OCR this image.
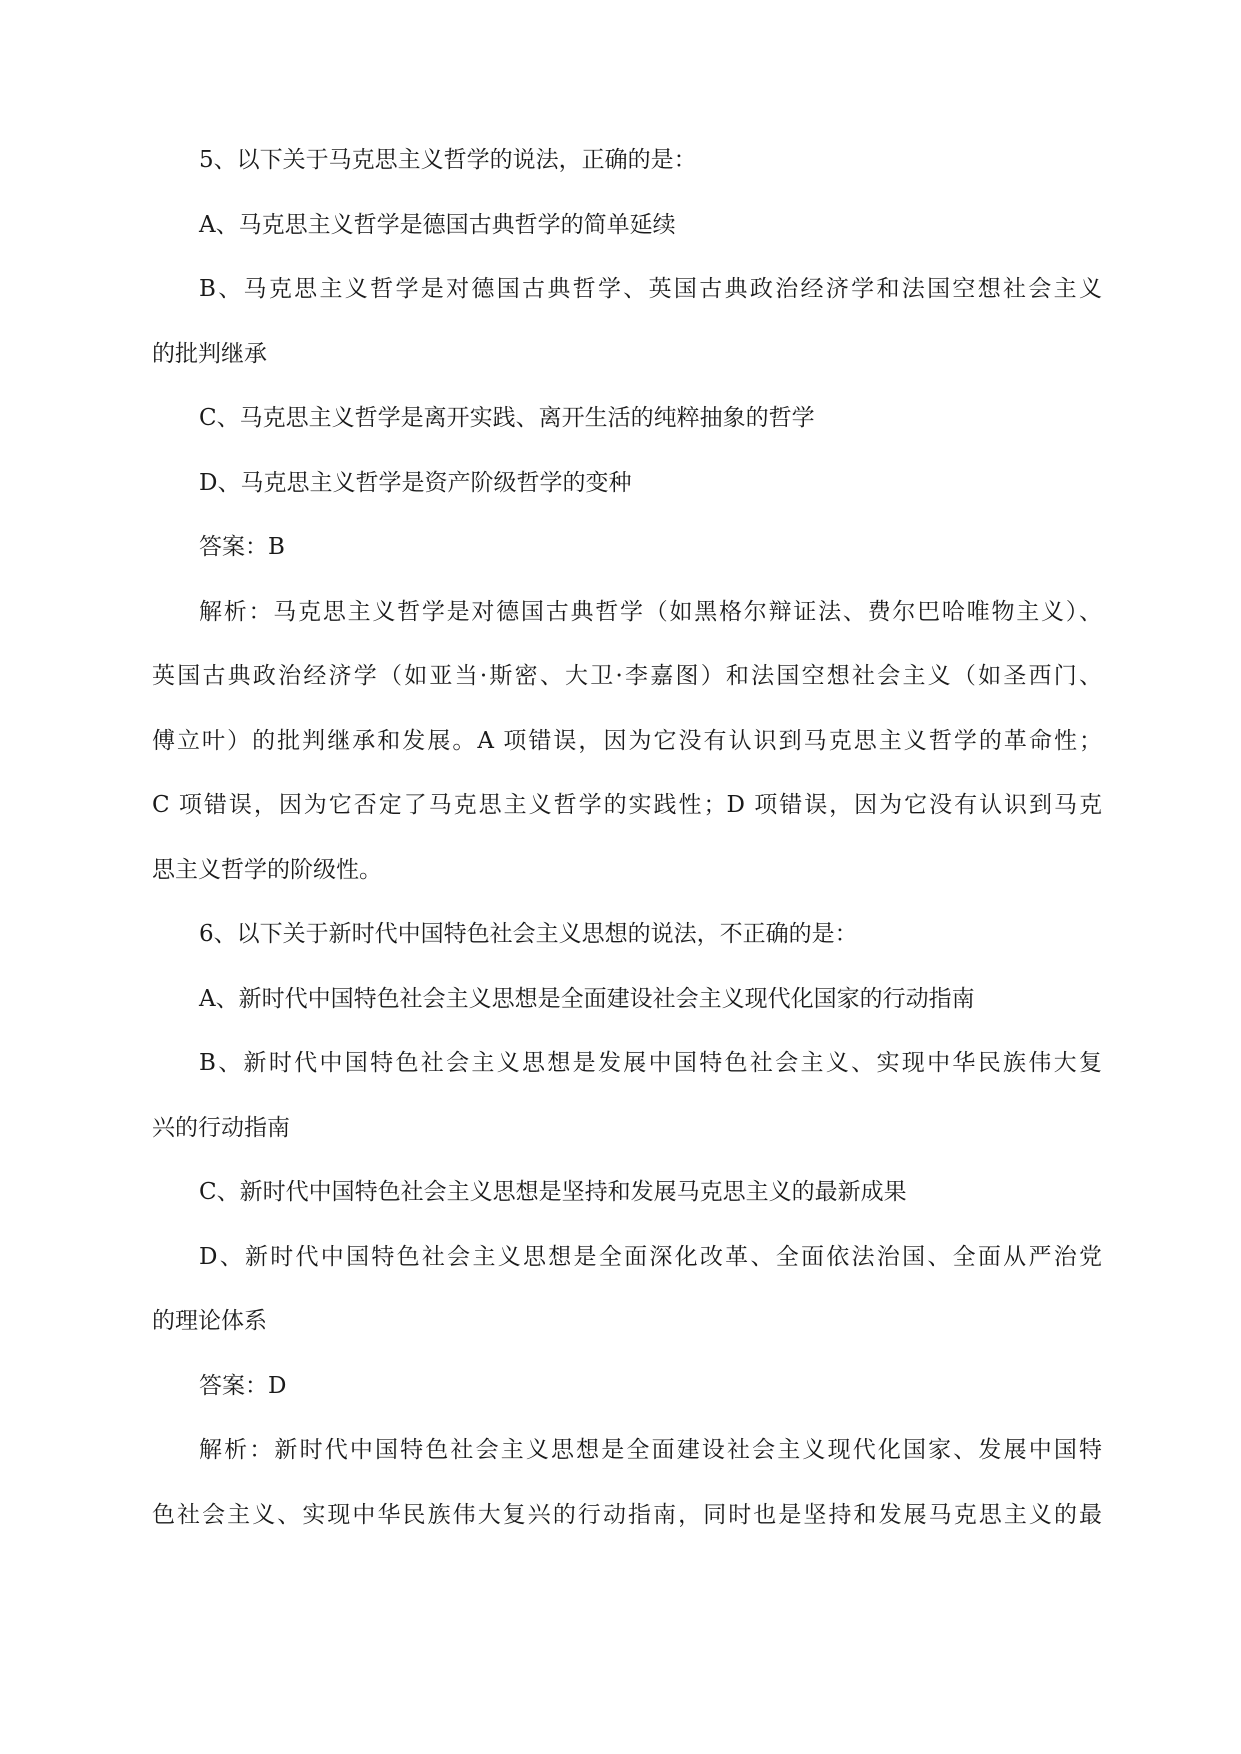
5、以下关于马克思主义哲学的说法，正确的是：
A、马克思主义哲学是德国古典哲学的简单延续
B、马克思主义哲学是对德国古典哲学、英国古典政治经济学和法国空想社会主义
的批判继承
C、马克思主义哲学是离开实践、离开生活的纯粹抽象的哲学
D、马克思主义哲学是资产阶级哲学的变种
答案：B
解析：马克思主义哲学是对德国古典哲学（如黑格尔辩证法、费尔巴哈唯物主义）、
英国古典政治经济学（如亚当·斯密、大卫·李嘉图）和法国空想社会主义（如圣西门、
傅立叶）的批判继承和发展。A 项错误，因为它没有认识到马克思主义哲学的革命性；
C 项错误，因为它否定了马克思主义哲学的实践性；D 项错误，因为它没有认识到马克
思主义哲学的阶级性。
6、以下关于新时代中国特色社会主义思想的说法，不正确的是：
A、新时代中国特色社会主义思想是全面建设社会主义现代化国家的行动指南
B、新时代中国特色社会主义思想是发展中国特色社会主义、实现中华民族伟大复
兴的行动指南
C、新时代中国特色社会主义思想是坚持和发展马克思主义的最新成果
D、新时代中国特色社会主义思想是全面深化改革、全面依法治国、全面从严治党
的理论体系
答案：D
解析：新时代中国特色社会主义思想是全面建设社会主义现代化国家、发展中国特
色社会主义、实现中华民族伟大复兴的行动指南，同时也是坚持和发展马克思主义的最
